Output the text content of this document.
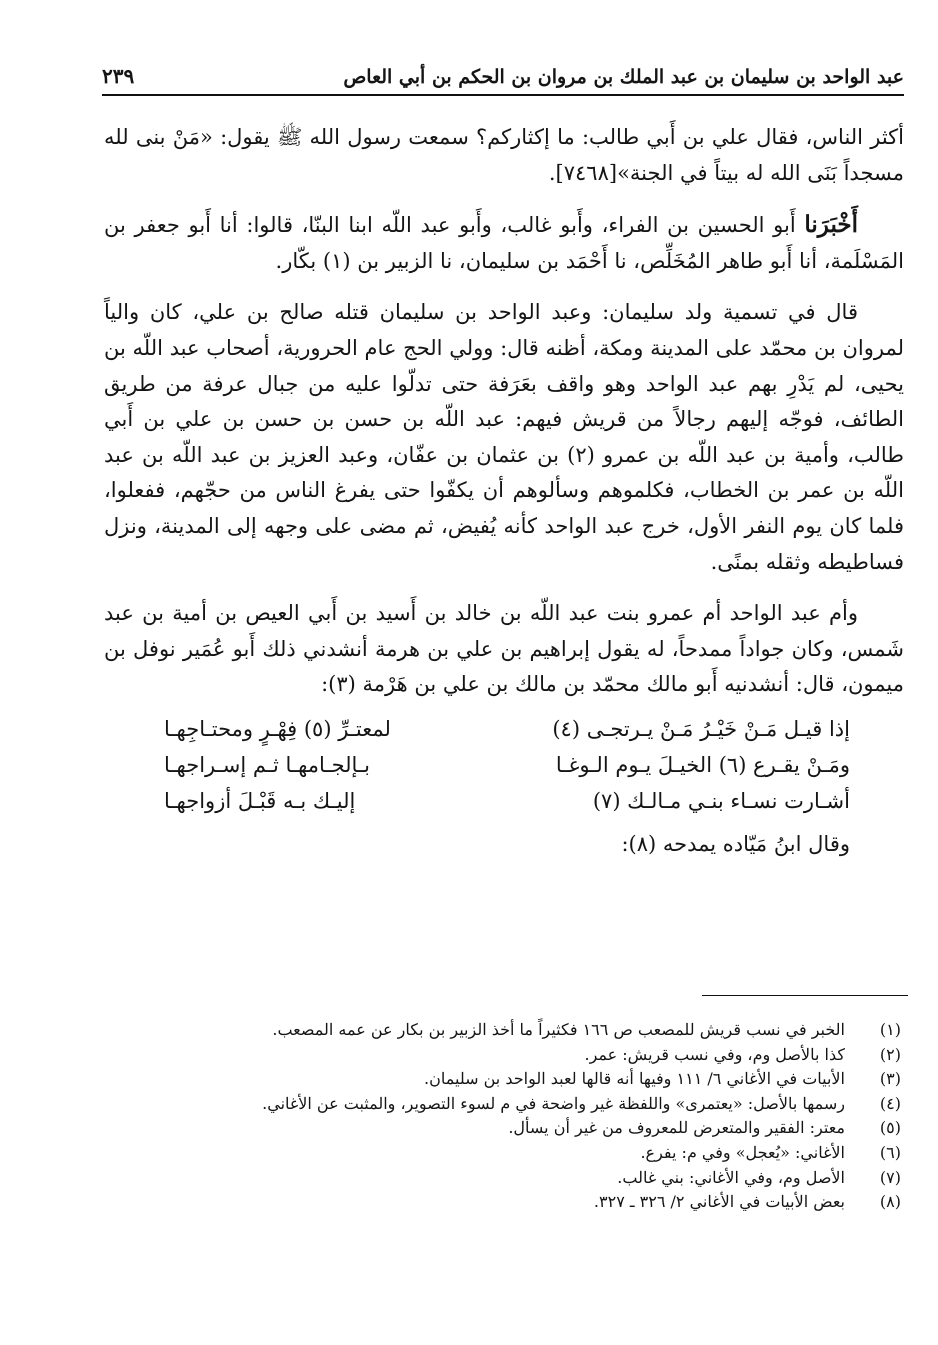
عبد الواحد بن سليمان بن عبد الملك بن مروان بن الحكم بن أبي العاص
٢٣٩

أكثر الناس، فقال علي بن أَبي طالب: ما إكثاركم؟ سمعت رسول الله ﷺ يقول: «مَنْ بنى لله مسجداً بَنَى الله له بيتاً في الجنة»[٧٤٦٨].

أَخْبَرَنا أَبو الحسين بن الفراء، وأَبو غالب، وأَبو عبد اللّه ابنا البنّا، قالوا: أنا أَبو جعفر بن المَسْلَمة، أنا أَبو طاهر المُخَلِّص، نا أَحْمَد بن سليمان، نا الزبير بن (١) بكّار.

قال في تسمية ولد سليمان: وعبد الواحد بن سليمان قتله صالح بن علي، كان والياً لمروان بن محمّد على المدينة ومكة، أظنه قال: وولي الحج عام الحرورية، أصحاب عبد اللّه بن يحيى، لم يَدْرِ بهم عبد الواحد وهو واقف بعَرَفة حتى تدلّوا عليه من جبال عرفة من طريق الطائف، فوجّه إليهم رجالاً من قريش فيهم: عبد اللّه بن حسن بن حسن بن علي بن أَبي طالب، وأمية بن عبد اللّه بن عمرو (٢) بن عثمان بن عفّان، وعبد العزيز بن عبد اللّه بن عبد اللّه بن عمر بن الخطاب، فكلموهم وسألوهم أن يكفّوا حتى يفرغ الناس من حجّهم، ففعلوا، فلما كان يوم النفر الأول، خرج عبد الواحد كأنه يُفيض، ثم مضى على وجهه إلى المدينة، ونزل فساطيطه وثقله بمنًى.

وأم عبد الواحد أم عمرو بنت عبد اللّه بن خالد بن أَسيد بن أَبي العيص بن أمية بن عبد شَمس، وكان جواداً ممدحاً، له يقول إبراهيم بن علي بن هرمة أنشدني ذلك أَبو عُمَير نوفل بن ميمون، قال: أنشدنيه أَبو مالك محمّد بن مالك بن علي بن هَرْمة (٣):

إذا قيـل مَـنْ خَيْـرُ مَـنْ يـرتجـى (٤)
لمعتـرِّ (٥) فِهْـرٍ ومحتـاجِهـا
ومَـنْ يقـرع (٦) الخيـلَ يـوم الـوغـا
بـإلجـامهـا ثـم إسـراجهـا
أشـارت نسـاء بنـي مـالـك (٧)
إليـك بـه قَبْـلَ أزواجهـا
وقال ابنُ مَيّاده يمدحه (٨):
(١)
الخبر في نسب قريش للمصعب ص ١٦٦ فكثيراً ما أخذ الزبير بن بكار عن عمه المصعب.
(٢)
كذا بالأصل وم، وفي نسب قريش: عمر.
(٣)
الأبيات في الأغاني ٦/ ١١١ وفيها أنه قالها لعبد الواحد بن سليمان.
(٤)
رسمها بالأصل: «يعتمرى» واللفظة غير واضحة في م لسوء التصوير، والمثبت عن الأغاني.
(٥)
معتر: الفقير والمتعرض للمعروف من غير أن يسأل.
(٦)
الأغاني: «يُعجل» وفي م: يفرع.
(٧)
الأصل وم، وفي الأغاني: بني غالب.
(٨)
بعض الأبيات في الأغاني ٢/ ٣٢٦ ـ ٣٢٧.
